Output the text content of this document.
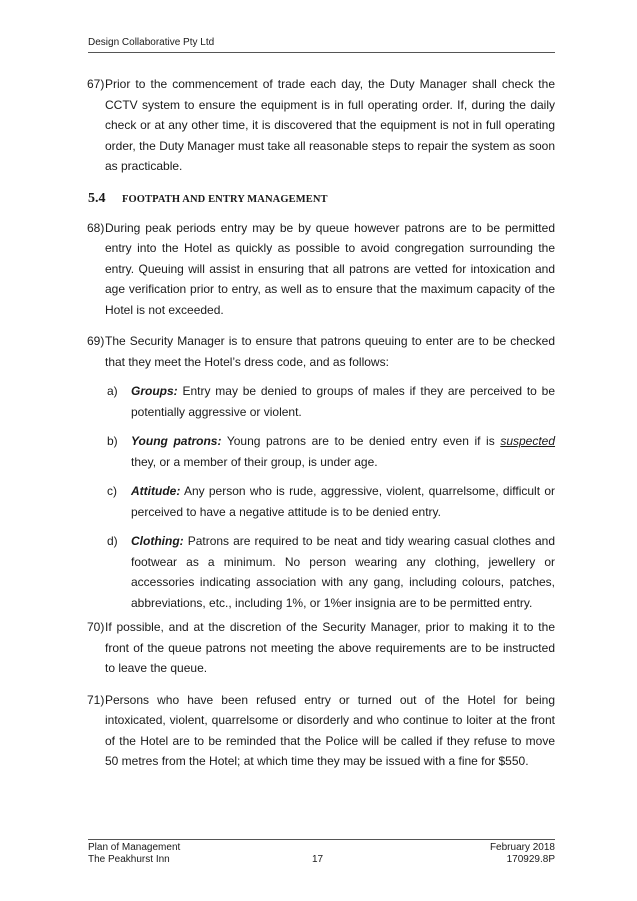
Design Collaborative Pty Ltd

67) Prior to the commencement of trade each day, the Duty Manager shall check the CCTV system to ensure the equipment is in full operating order. If, during the daily check or at any other time, it is discovered that the equipment is not in full operating order, the Duty Manager must take all reasonable steps to repair the system as soon as practicable.

5.4 FOOTPATH AND ENTRY MANAGEMENT

68) During peak periods entry may be by queue however patrons are to be permitted entry into the Hotel as quickly as possible to avoid congregation surrounding the entry. Queuing will assist in ensuring that all patrons are vetted for intoxication and age verification prior to entry, as well as to ensure that the maximum capacity of the Hotel is not exceeded.

69) The Security Manager is to ensure that patrons queuing to enter are to be checked that they meet the Hotel’s dress code, and as follows:

a) Groups: Entry may be denied to groups of males if they are perceived to be potentially aggressive or violent.

b) Young patrons: Young patrons are to be denied entry even if is suspected they, or a member of their group, is under age.

c) Attitude: Any person who is rude, aggressive, violent, quarrelsome, difficult or perceived to have a negative attitude is to be denied entry.

d) Clothing: Patrons are required to be neat and tidy wearing casual clothes and footwear as a minimum. No person wearing any clothing, jewellery or accessories indicating association with any gang, including colours, patches, abbreviations, etc., including 1%, or 1%er insignia are to be permitted entry.

70) If possible, and at the discretion of the Security Manager, prior to making it to the front of the queue patrons not meeting the above requirements are to be instructed to leave the queue.

71) Persons who have been refused entry or turned out of the Hotel for being intoxicated, violent, quarrelsome or disorderly and who continue to loiter at the front of the Hotel are to be reminded that the Police will be called if they refuse to move 50 metres from the Hotel; at which time they may be issued with a fine for $550.

Plan of Management	February 2018
The Peakhurst Inn	17	170929.8P
